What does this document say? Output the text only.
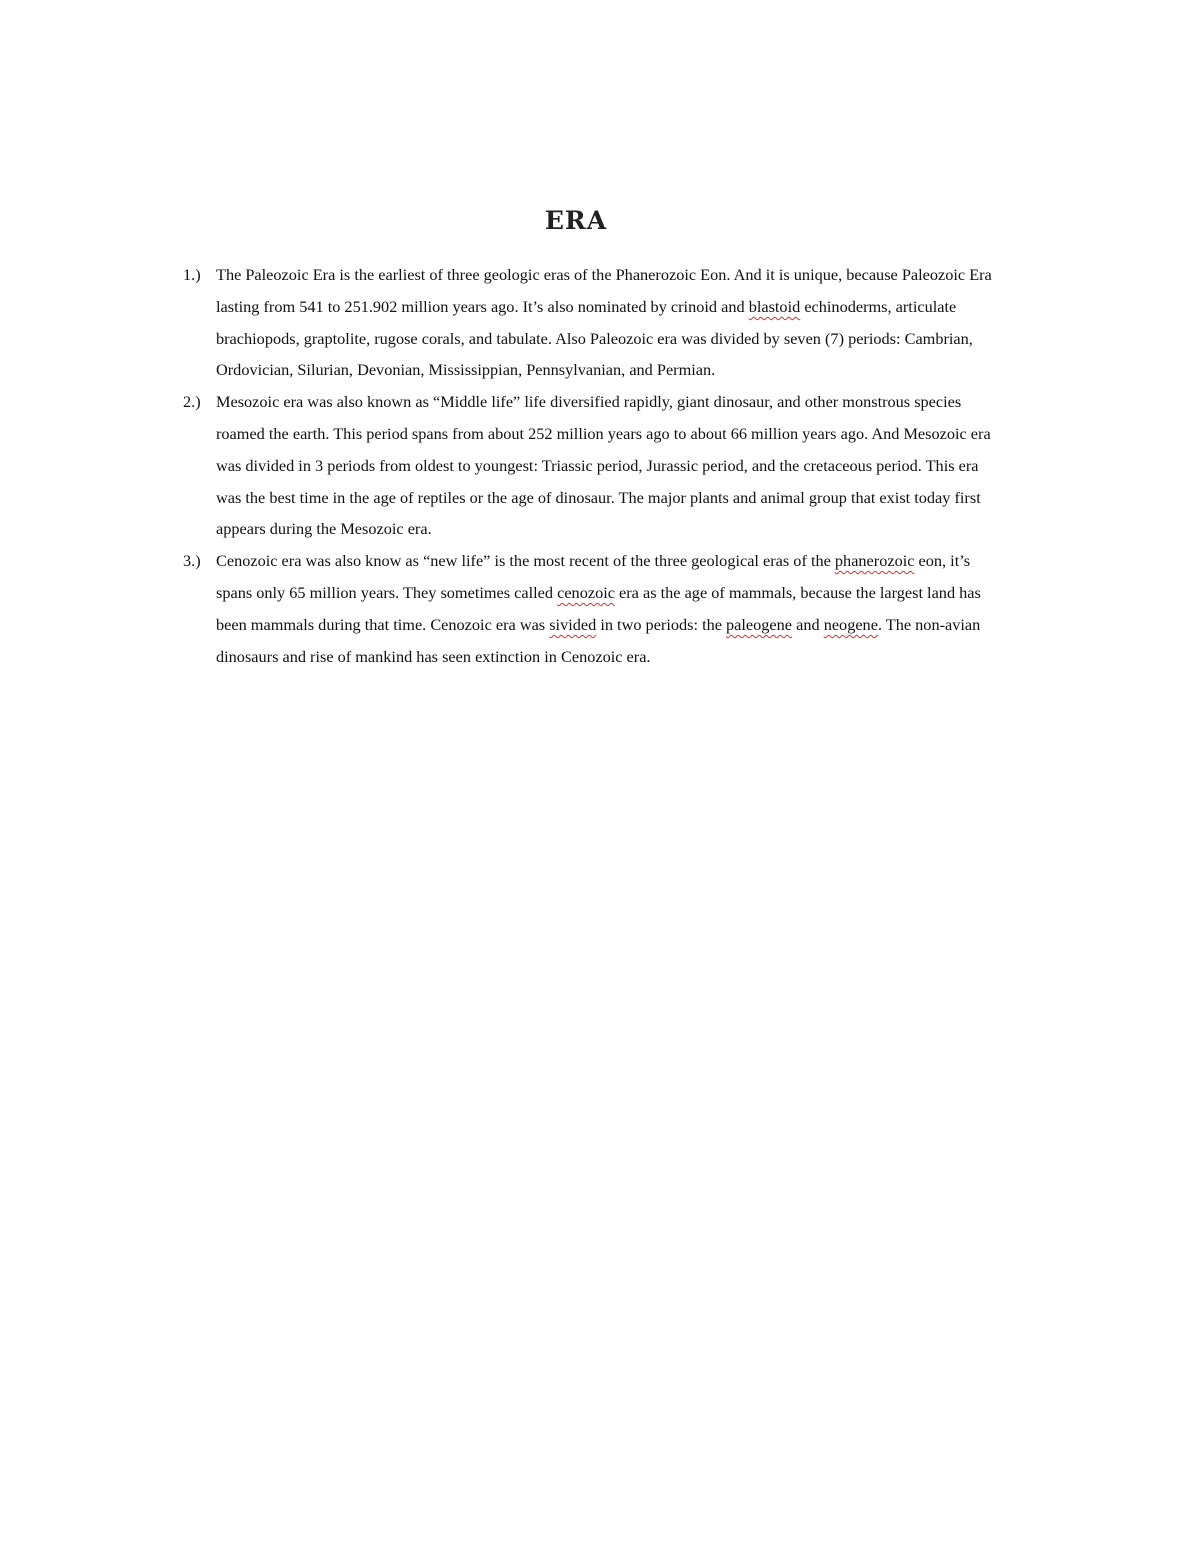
ERA
1.) The Paleozoic Era is the earliest of three geologic eras of the Phanerozoic Eon. And it is unique, because Paleozoic Era lasting from 541 to 251.902 million years ago. It’s also nominated by crinoid and blastoid echinoderms, articulate brachiopods, graptolite, rugose corals, and tabulate. Also Paleozoic era was divided by seven (7) periods: Cambrian, Ordovician, Silurian, Devonian, Mississippian, Pennsylvanian, and Permian.
2.) Mesozoic era was also known as “Middle life” life diversified rapidly, giant dinosaur, and other monstrous species roamed the earth. This period spans from about 252 million years ago to about 66 million years ago. And Mesozoic era was divided in 3 periods from oldest to youngest: Triassic period, Jurassic period, and the cretaceous period. This era was the best time in the age of reptiles or the age of dinosaur. The major plants and animal group that exist today first appears during the Mesozoic era.
3.) Cenozoic era was also know as “new life” is the most recent of the three geological eras of the phanerozoic eon, it’s spans only 65 million years. They sometimes called cenozoic era as the age of mammals, because the largest land has been mammals during that time. Cenozoic era was sivided in two periods: the paleogene and neogene. The non-avian dinosaurs and rise of mankind has seen extinction in Cenozoic era.
